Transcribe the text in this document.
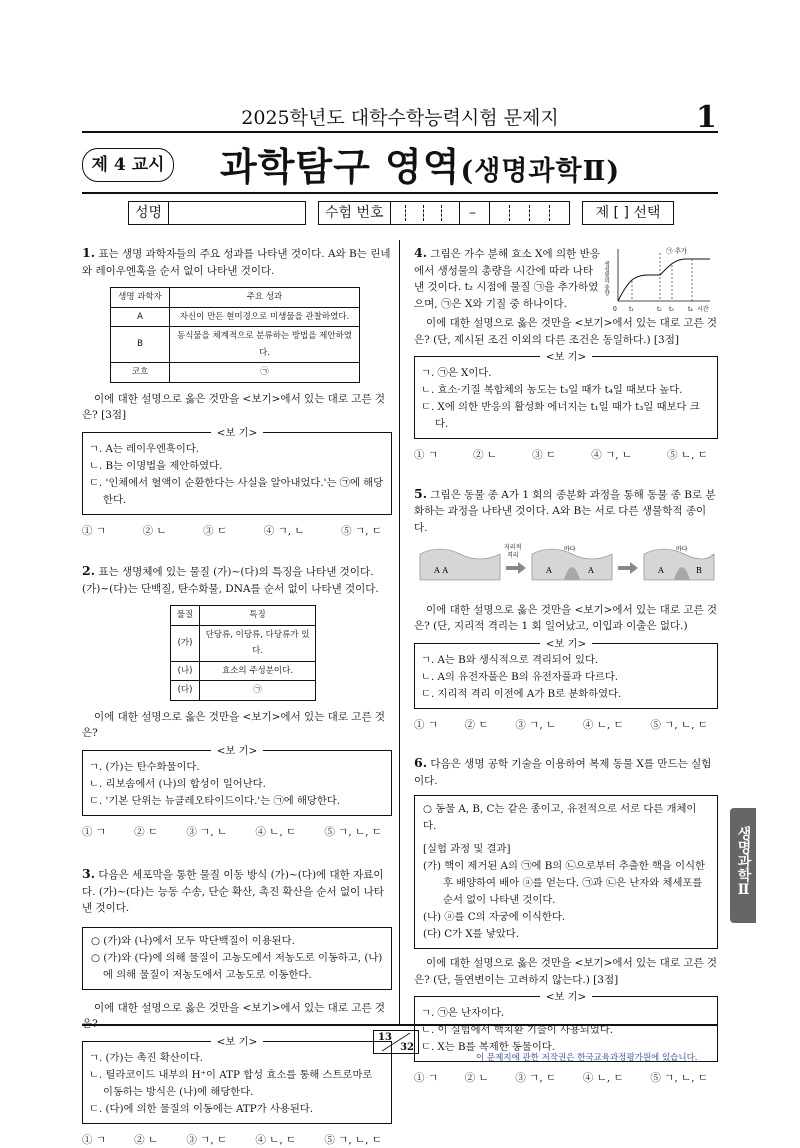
2025학년도 대학수학능력시험 문제지	1
제 4 교시 과학탐구 영역(생명과학Ⅱ)
성명	수험 번호	–	제 [ ] 선택

1. 표는 생명 과학자들의 주요 성과를 나타낸 것이다. A와 B는 린네와 레이우엔훅을 순서 없이 나타낸 것이다.

생명 과학자	주요 성과
A	자신이 만든 현미경으로 미생물을 관찰하였다.
B	동식물을 체계적으로 분류하는 방법을 제안하였다.
코흐	㉠

이에 대한 설명으로 옳은 것만을 <보기>에서 있는 대로 고른 것은? [3점]

<보 기>
ㄱ. A는 레이우엔훅이다.
ㄴ. B는 이명법을 제안하였다.
ㄷ. '인체에서 혈액이 순환한다는 사실을 알아내었다.'는 ㉠에 해당한다.
① ㄱ	② ㄴ	③ ㄷ	④ ㄱ, ㄴ	⑤ ㄱ, ㄷ

2. 표는 생명체에 있는 물질 (가)~(다)의 특징을 나타낸 것이다. (가)~(다)는 단백질, 탄수화물, DNA를 순서 없이 나타낸 것이다.

물질	특징
(가)	단당류, 이당류, 다당류가 있다.
(나)	효소의 주성분이다.
(다)	㉠

이에 대한 설명으로 옳은 것만을 <보기>에서 있는 대로 고른 것은?

<보 기>
ㄱ. (가)는 탄수화물이다.
ㄴ. 리보솜에서 (나)의 합성이 일어난다.
ㄷ. '기본 단위는 뉴클레오타이드이다.'는 ㉠에 해당한다.
① ㄱ	② ㄷ	③ ㄱ, ㄴ	④ ㄴ, ㄷ	⑤ ㄱ, ㄴ, ㄷ

3. 다음은 세포막을 통한 물질 이동 방식 (가)~(다)에 대한 자료이다. (가)~(다)는 능동 수송, 단순 확산, 촉진 확산을 순서 없이 나타낸 것이다.

○ (가)와 (나)에서 모두 막단백질이 이용된다.
○ (가)와 (다)에 의해 물질이 고농도에서 저농도로 이동하고, (나)에 의해 물질이 저농도에서 고농도로 이동한다.

이에 대한 설명으로 옳은 것만을 <보기>에서 있는 대로 고른 것은?

<보 기>
ㄱ. (가)는 촉진 확산이다.
ㄴ. 틸라코이드 내부의 H⁺이 ATP 합성 효소를 통해 스트로마로 이동하는 방식은 (나)에 해당한다.
ㄷ. (다)에 의한 물질의 이동에는 ATP가 사용된다.
① ㄱ	② ㄴ	③ ㄱ, ㄷ	④ ㄴ, ㄷ	⑤ ㄱ, ㄴ, ㄷ

4. 그림은 가수 분해 효소 X에 의한 반응에서 생성물의 총량을 시간에 따라 나타낸 것이다. t₂ 시점에 물질 ㉠을 추가하였으며, ㉠은 X와 기질 중 하나이다.

㉠ 추가
생성물의 총량
시간
0 t₁	t₂ t₃ t₄

이에 대한 설명으로 옳은 것만을 <보기>에서 있는 대로 고른 것은? (단, 제시된 조건 이외의 다른 조건은 동일하다.) [3점]

<보 기>
ㄱ. ㉠은 X이다.
ㄴ. 효소·기질 복합체의 농도는 t₃일 때가 t₄일 때보다 높다.
ㄷ. X에 의한 반응의 활성화 에너지는 t₁일 때가 t₃일 때보다 크다.
① ㄱ	② ㄴ	③ ㄷ	④ ㄱ, ㄴ	⑤ ㄴ, ㄷ

5. 그림은 동물 종 A가 1 회의 종분화 과정을 통해 동물 종 B로 분화하는 과정을 나타낸 것이다. A와 B는 서로 다른 생물학적 종이다.

A A
지리적
격리
바다
A	A
바다
A	B

이에 대한 설명으로 옳은 것만을 <보기>에서 있는 대로 고른 것은? (단, 지리적 격리는 1 회 일어났고, 이입과 이출은 없다.)

<보 기>
ㄱ. A는 B와 생식적으로 격리되어 있다.
ㄴ. A의 유전자풀은 B의 유전자풀과 다르다.
ㄷ. 지리적 격리 이전에 A가 B로 분화하였다.
① ㄱ	② ㄷ	③ ㄱ, ㄴ	④ ㄴ, ㄷ	⑤ ㄱ, ㄴ, ㄷ

6. 다음은 생명 공학 기술을 이용하여 복제 동물 X를 만드는 실험이다.

○ 동물 A, B, C는 같은 종이고, 유전적으로 서로 다른 개체이다.
[실험 과정 및 결과]
(가) 핵이 제거된 A의 ㉠에 B의 ㉡으로부터 추출한 핵을 이식한 후 배양하여 배아 ⓐ를 얻는다. ㉠과 ㉡은 난자와 체세포를 순서 없이 나타낸 것이다.
(나) ⓐ를 C의 자궁에 이식한다.
(다) C가 X를 낳았다.

이에 대한 설명으로 옳은 것만을 <보기>에서 있는 대로 고른 것은? (단, 돌연변이는 고려하지 않는다.) [3점]

<보 기>
ㄱ. ㉠은 난자이다.
ㄴ. 이 실험에서 핵치환 기술이 사용되었다.
ㄷ. X는 B를 복제한 동물이다.
① ㄱ	② ㄴ	③ ㄱ, ㄷ	④ ㄴ, ㄷ	⑤ ㄱ, ㄴ, ㄷ
생명과학Ⅱ
13
32
이 문제지에 관한 저작권은 한국교육과정평가원에 있습니다.
